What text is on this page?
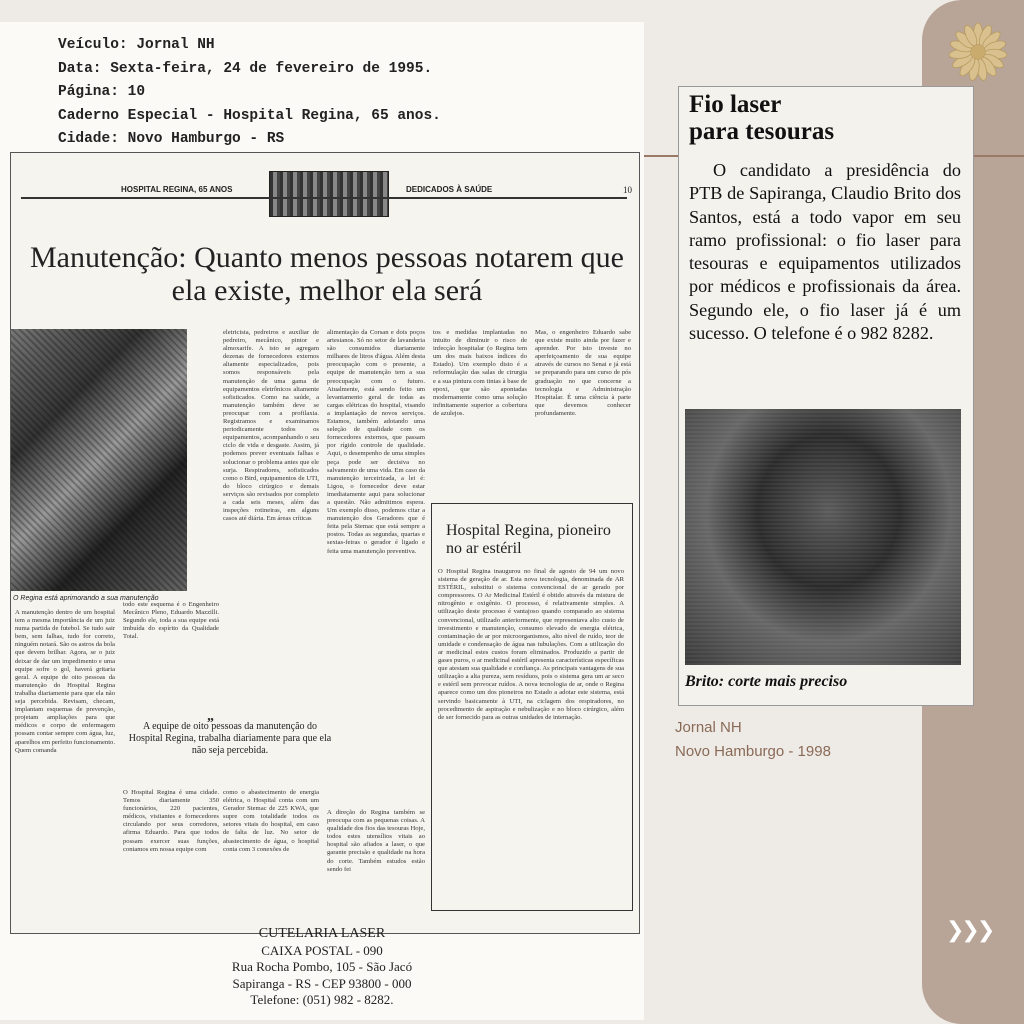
❯❯❯
Veículo: Jornal NH
Data: Sexta-feira, 24 de fevereiro de 1995.
Página: 10
Caderno Especial - Hospital Regina, 65 anos.
Cidade: Novo Hamburgo - RS
HOSPITAL REGINA, 65 ANOS	DEDICADOS À SAÚDE	10
Manutenção: Quanto menos pessoas notarem que ela existe, melhor ela será
O Regina está aprimorando a sua manutenção
A manutenção dentro de um hospital tem a mesma importância de um juiz numa partida de futebol. Se tudo sair bem, sem falhas, tudo for correto, ninguém notará. São os astros da bola que devem brilhar. Agora, se o juiz deixar de dar um impedimento e uma equipe sofre o gol, haverá gritaria geral. A equipe de oito pessoas da manutenção do Hospital Regina trabalha diariamente para que ela não seja percebida. Revisam, checam, implantam esquemas de prevenção, projetam ampliações para que médicos e corpo de enfermagem possam contar sempre com água, luz, aparelhos em perfeito funcionamento. Quem comanda
eletricista, pedreiros e auxiliar de pedreiro, mecânico, pintor e almoxarife. A isto se agregam dezenas de fornecedores externos altamente especializados, pois somos responsáveis pela manutenção de uma gama de equipamentos eletrônicos altamente sofisticados. Como na saúde, a manutenção também deve se preocupar com a profilaxia. Registramos e examinamos periodicamente todos os equipamentos, acompanhando o seu ciclo de vida e desgaste. Assim, já podemos prever eventuais falhas e solucionar o problema antes que ele surja. Respiradores, sofisticados como o Bird, equipamentos de UTI, do bloco cirúrgico e demais serviços são revisados por completo a cada seis meses, além das inspeções rotineiras, em alguns casos até diária. Em áreas críticas
todo este esquema é o Engenheiro Mecânico Pleno, Eduardo Mazzilli. Segundo ele, toda a sua equipe está imbuída do espírito da Qualidade Total.
alimentação da Corsan e dois poços artesianos. Só no setor de lavanderia são consumidos diariamente milhares de litros d'água. Além desta preocupação com o presente, a equipe de manutenção tem a sua preocupação com o futuro. Atualmente, está sendo feito um levantamento geral de todas as cargas elétricas do hospital, visando a implantação de novos serviços. Estamos, também adotando uma seleção de qualidade com os fornecedores externos, que passam por rígido controle de qualidade. Aqui, o desempenho de uma simples peça pode ser decisiva no salvamento de uma vida. Em caso da manutenção terceirizada, a lei é: Ligou, o fornecedor deve estar imediatamente aqui para solucionar a questão. Não admitimos espera. Um exemplo disso, podemos citar a manutenção dos Geradores que é feita pela Stemac que está sempre a postos. Todas as segundas, quartas e sextas-feiras o gerador é ligado e feita uma manutenção preventiva.
tos e medidas implantadas no intuito de diminuir o risco de infecção hospitalar (o Regina tem um dos mais baixos índices do Estado). Um exemplo disto é a reformulação das salas de cirurgia e a sua pintura com tintas à base de epoxi, que são apontadas modernamente como uma solução infinitamente superior a cobertura de azulejos.
Mas, o engenheiro Eduardo sabe que existe muito ainda por fazer e aprender. Por isto investe no aperfeiçoamento de sua equipe através de cursos no Senai e já está se preparando para um curso de pós graduação no que concerne a tecnologia e Administração Hospitalar. É uma ciência à parte que devemos conhecer profundamente.
„
A equipe de oito pessoas da manutenção do Hospital Regina, trabalha diariamente para que ela não seja percebida.
O Hospital Regina é uma cidade. Temos diariamente 350 funcionários, 220 pacientes, médicos, visitantes e fornecedores circulando por seus corredores, afirma Eduardo. Para que todos possam exercer suas funções, contamos em nossa equipe com
como o abastecimento de energia elétrica, o Hospital conta com um Gerador Stemac de 225 KWA, que supre com totalidade todos os setores vitais do hospital, em caso de falta de luz. No setor de abastecimento de água, o hospital conta com 3 conexões de
A direção do Regina também se preocupa com as pequenas coisas. A qualidade dos fios das tesouras Hoje, todos estes utensílios vitais ao hospital são afiados a laser, o que garante precisão e qualidade na hora do corte. Também estudos estão sendo fei
Hospital Regina, pioneiro no ar estéril
O Hospital Regina inaugurou no final de agosto de 94 um novo sistema de geração de ar. Esta nova tecnologia, denominada de AR ESTÉRIL, substitui o sistema convencional de ar gerado por compressores. O Ar Medicinal Estéril é obtido através da mistura de nitrogênio e oxigênio. O processo, é relativamente simples. A utilização deste processo é vantajoso quando comparado ao sistema convencional, utilizado anteriormente, que representava alto custo de investimento e manutenção, consumo elevado de energia elétrica, contaminação de ar por microorganismos, alto nível de ruído, teor de umidade e condensação de água nas tubulações. Com a utilização do ar medicinal estes custos foram eliminados. Produzido a partir de gases puros, o ar medicinal estéril apresenta características específicas que atestam sua qualidade e confiança. As principais vantagens de sua utilização a alta pureza, sem resíduos, pois o sistema gera um ar seco e estéril sem provocar ruídos. A nova tecnologia de ar, onde o Regina aparece como um dos pioneiros no Estado a adotar este sistema, está servindo basicamente à UTI, na ciclagem dos respiradores, no procedimento de aspiração e nebulização e no bloco cirúrgico, além de ser fornecido para as outras unidades de internação.
CUTELARIA LASER
CAIXA POSTAL - 090
Rua Rocha Pombo, 105 - São Jacó
Sapiranga - RS - CEP 93800 - 000
Telefone: (051) 982 - 8282.
Fio laser
para tesouras
O candidato a presidência do PTB de Sapiranga, Claudio Brito dos Santos, está a todo vapor em seu ramo profissional: o fio laser para tesouras e equipamentos utilizados por médicos e profissionais da área. Segundo ele, o fio laser já é um sucesso. O telefone é o 982 8282.
Brito: corte mais preciso
Jornal NH
Novo Hamburgo - 1998
